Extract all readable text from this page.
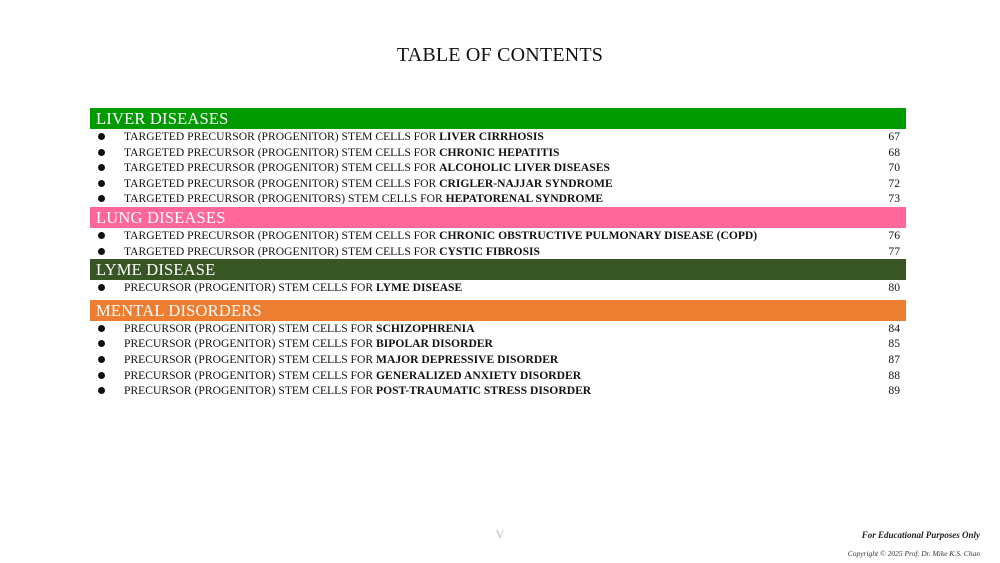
TABLE OF CONTENTS
LIVER DISEASES
TARGETED PRECURSOR (PROGENITOR) STEM CELLS FOR LIVER CIRRHOSIS	67
TARGETED PRECURSOR (PROGENITOR) STEM CELLS FOR CHRONIC HEPATITIS	68
TARGETED PRECURSOR (PROGENITOR) STEM CELLS FOR ALCOHOLIC LIVER DISEASES	70
TARGETED PRECURSOR (PROGENITOR) STEM CELLS FOR CRIGLER-NAJJAR SYNDROME	72
TARGETED PRECURSOR (PROGENITORS) STEM CELLS FOR HEPATORENAL SYNDROME	73
LUNG DISEASES
TARGETED PRECURSOR (PROGENITOR) STEM CELLS FOR CHRONIC OBSTRUCTIVE PULMONARY DISEASE (COPD)	76
TARGETED PRECURSOR (PROGENITOR) STEM CELLS FOR CYSTIC FIBROSIS	77
LYME DISEASE
PRECURSOR (PROGENITOR) STEM CELLS FOR LYME DISEASE	80
MENTAL DISORDERS
PRECURSOR (PROGENITOR) STEM CELLS FOR SCHIZOPHRENIA	84
PRECURSOR (PROGENITOR) STEM CELLS FOR BIPOLAR DISORDER	85
PRECURSOR (PROGENITOR) STEM CELLS FOR MAJOR DEPRESSIVE DISORDER	87
PRECURSOR (PROGENITOR) STEM CELLS FOR GENERALIZED ANXIETY DISORDER	88
PRECURSOR (PROGENITOR) STEM CELLS FOR POST-TRAUMATIC STRESS DISORDER	89
V	For Educational Purposes Only
Copyright © 2025 Prof. Dr. Mike K.S. Chan
